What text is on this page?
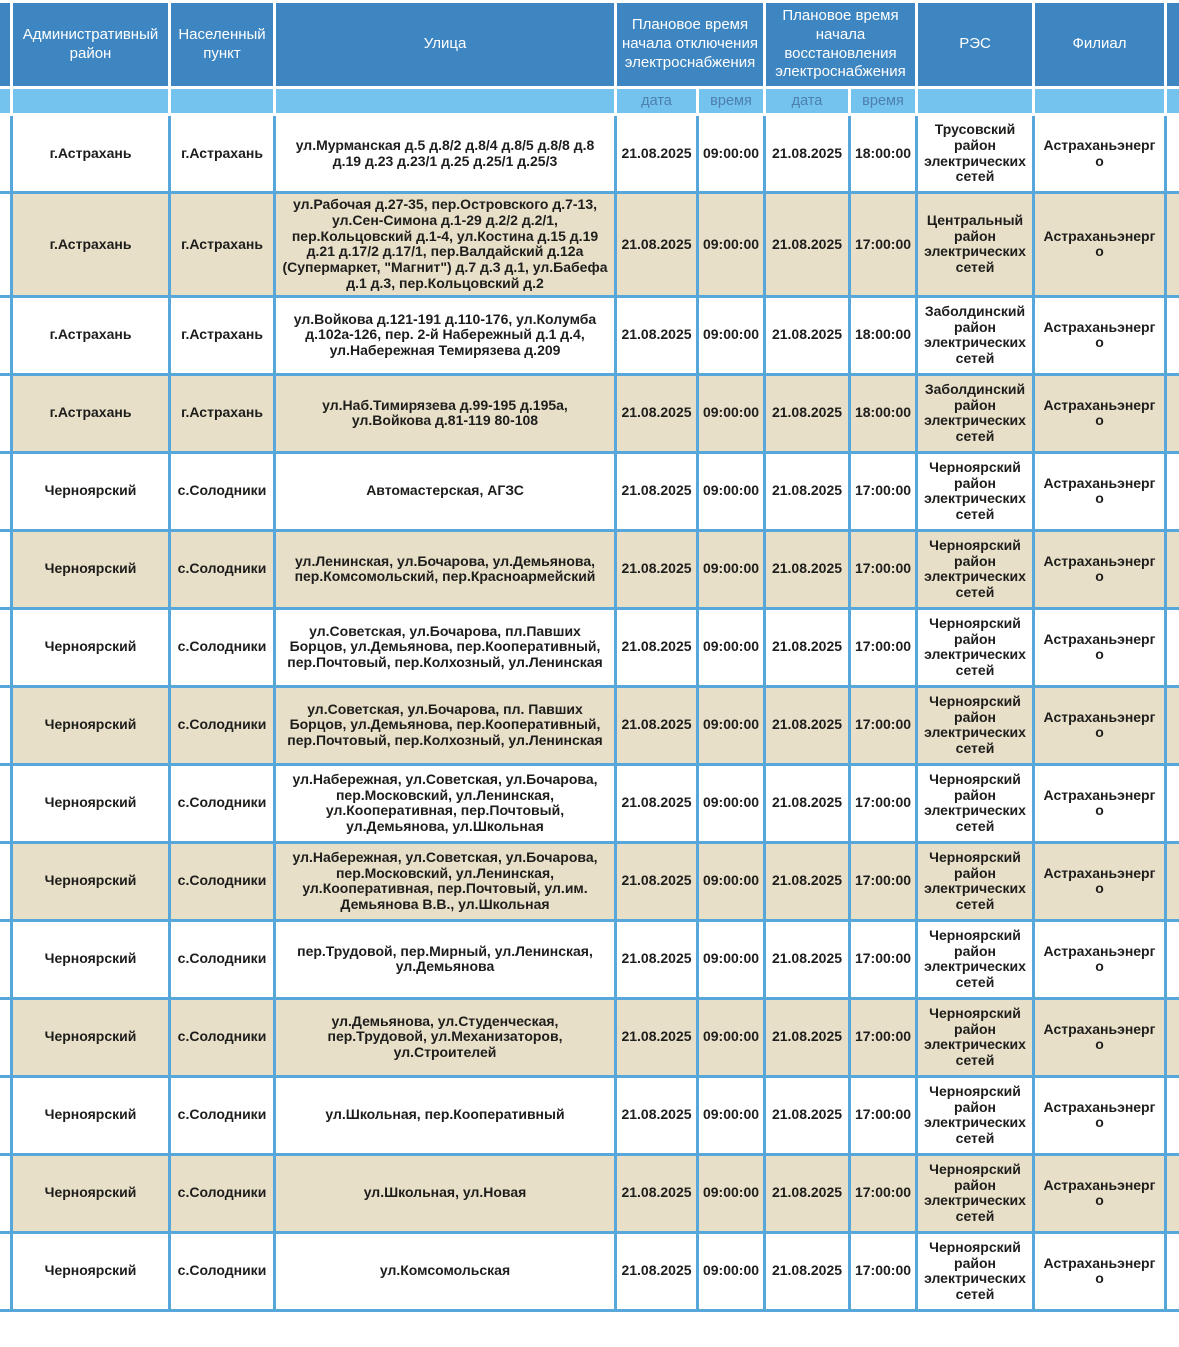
	Административный район	Населенный пункт	Улица	Плановое время начала отключения электроснабжения		Плановое время начала восстановления электроснабжения		РЭС	Филиал	
				дата	время	дата	время			
	г.Астрахань	г.Астрахань	ул.Мурманская д.5 д.8/2 д.8/4 д.8/5 д.8/8 д.8 д.19 д.23 д.23/1 д.25 д.25/1 д.25/3	21.08.2025	09:00:00	21.08.2025	18:00:00	Трусовский район электрических сетей	Астраханьэнерго	
	г.Астрахань	г.Астрахань	ул.Рабочая д.27-35, пер.Островского д.7-13, ул.Сен-Симона д.1-29 д.2/2 д.2/1, пер.Кольцовский д.1-4, ул.Костина д.15 д.19 д.21 д.17/2 д.17/1, пер.Валдайский д.12а (Супермаркет, "Магнит") д.7 д.3 д.1, ул.Бабефа д.1 д.3, пер.Кольцовский д.2	21.08.2025	09:00:00	21.08.2025	17:00:00	Центральный район электрических сетей	Астраханьэнерго	
	г.Астрахань	г.Астрахань	ул.Войкова д.121-191 д.110-176, ул.Колумба д.102а-126, пер. 2-й Набережный д.1 д.4, ул.Набережная Темирязева д.209	21.08.2025	09:00:00	21.08.2025	18:00:00	Заболдинский район электрических сетей	Астраханьэнерго	
	г.Астрахань	г.Астрахань	ул.Наб.Тимирязева д.99-195 д.195а, ул.Войкова д.81-119 80-108	21.08.2025	09:00:00	21.08.2025	18:00:00	Заболдинский район электрических сетей	Астраханьэнерго	
	Черноярский	с.Солодники	Автомастерская, АГЗС	21.08.2025	09:00:00	21.08.2025	17:00:00	Черноярский район электрических сетей	Астраханьэнерго	
	Черноярский	с.Солодники	ул.Ленинская, ул.Бочарова, ул.Демьянова, пер.Комсомольский, пер.Красноармейский	21.08.2025	09:00:00	21.08.2025	17:00:00	Черноярский район электрических сетей	Астраханьэнерго	
	Черноярский	с.Солодники	ул.Советская, ул.Бочарова, пл.Павших Борцов, ул.Демьянова, пер.Кооперативный, пер.Почтовый, пер.Колхозный, ул.Ленинская	21.08.2025	09:00:00	21.08.2025	17:00:00	Черноярский район электрических сетей	Астраханьэнерго	
	Черноярский	с.Солодники	ул.Советская, ул.Бочарова, пл. Павших Борцов, ул.Демьянова, пер.Кооперативный, пер.Почтовый, пер.Колхозный, ул.Ленинская	21.08.2025	09:00:00	21.08.2025	17:00:00	Черноярский район электрических сетей	Астраханьэнерго	
	Черноярский	с.Солодники	ул.Набережная, ул.Советская, ул.Бочарова, пер.Московский, ул.Ленинская, ул.Кооперативная, пер.Почтовый, ул.Демьянова, ул.Школьная	21.08.2025	09:00:00	21.08.2025	17:00:00	Черноярский район электрических сетей	Астраханьэнерго	
	Черноярский	с.Солодники	ул.Набережная, ул.Советская, ул.Бочарова, пер.Московский, ул.Ленинская, ул.Кооперативная, пер.Почтовый, ул.им. Демьянова В.В., ул.Школьная	21.08.2025	09:00:00	21.08.2025	17:00:00	Черноярский район электрических сетей	Астраханьэнерго	
	Черноярский	с.Солодники	пер.Трудовой, пер.Мирный, ул.Ленинская, ул.Демьянова	21.08.2025	09:00:00	21.08.2025	17:00:00	Черноярский район электрических сетей	Астраханьэнерго	
	Черноярский	с.Солодники	ул.Демьянова, ул.Студенческая, пер.Трудовой, ул.Механизаторов, ул.Строителей	21.08.2025	09:00:00	21.08.2025	17:00:00	Черноярский район электрических сетей	Астраханьэнерго	
	Черноярский	с.Солодники	ул.Школьная, пер.Кооперативный	21.08.2025	09:00:00	21.08.2025	17:00:00	Черноярский район электрических сетей	Астраханьэнерго	
	Черноярский	с.Солодники	ул.Школьная, ул.Новая	21.08.2025	09:00:00	21.08.2025	17:00:00	Черноярский район электрических сетей	Астраханьэнерго	
	Черноярский	с.Солодники	ул.Комсомольская	21.08.2025	09:00:00	21.08.2025	17:00:00	Черноярский район электрических сетей	Астраханьэнерго	
